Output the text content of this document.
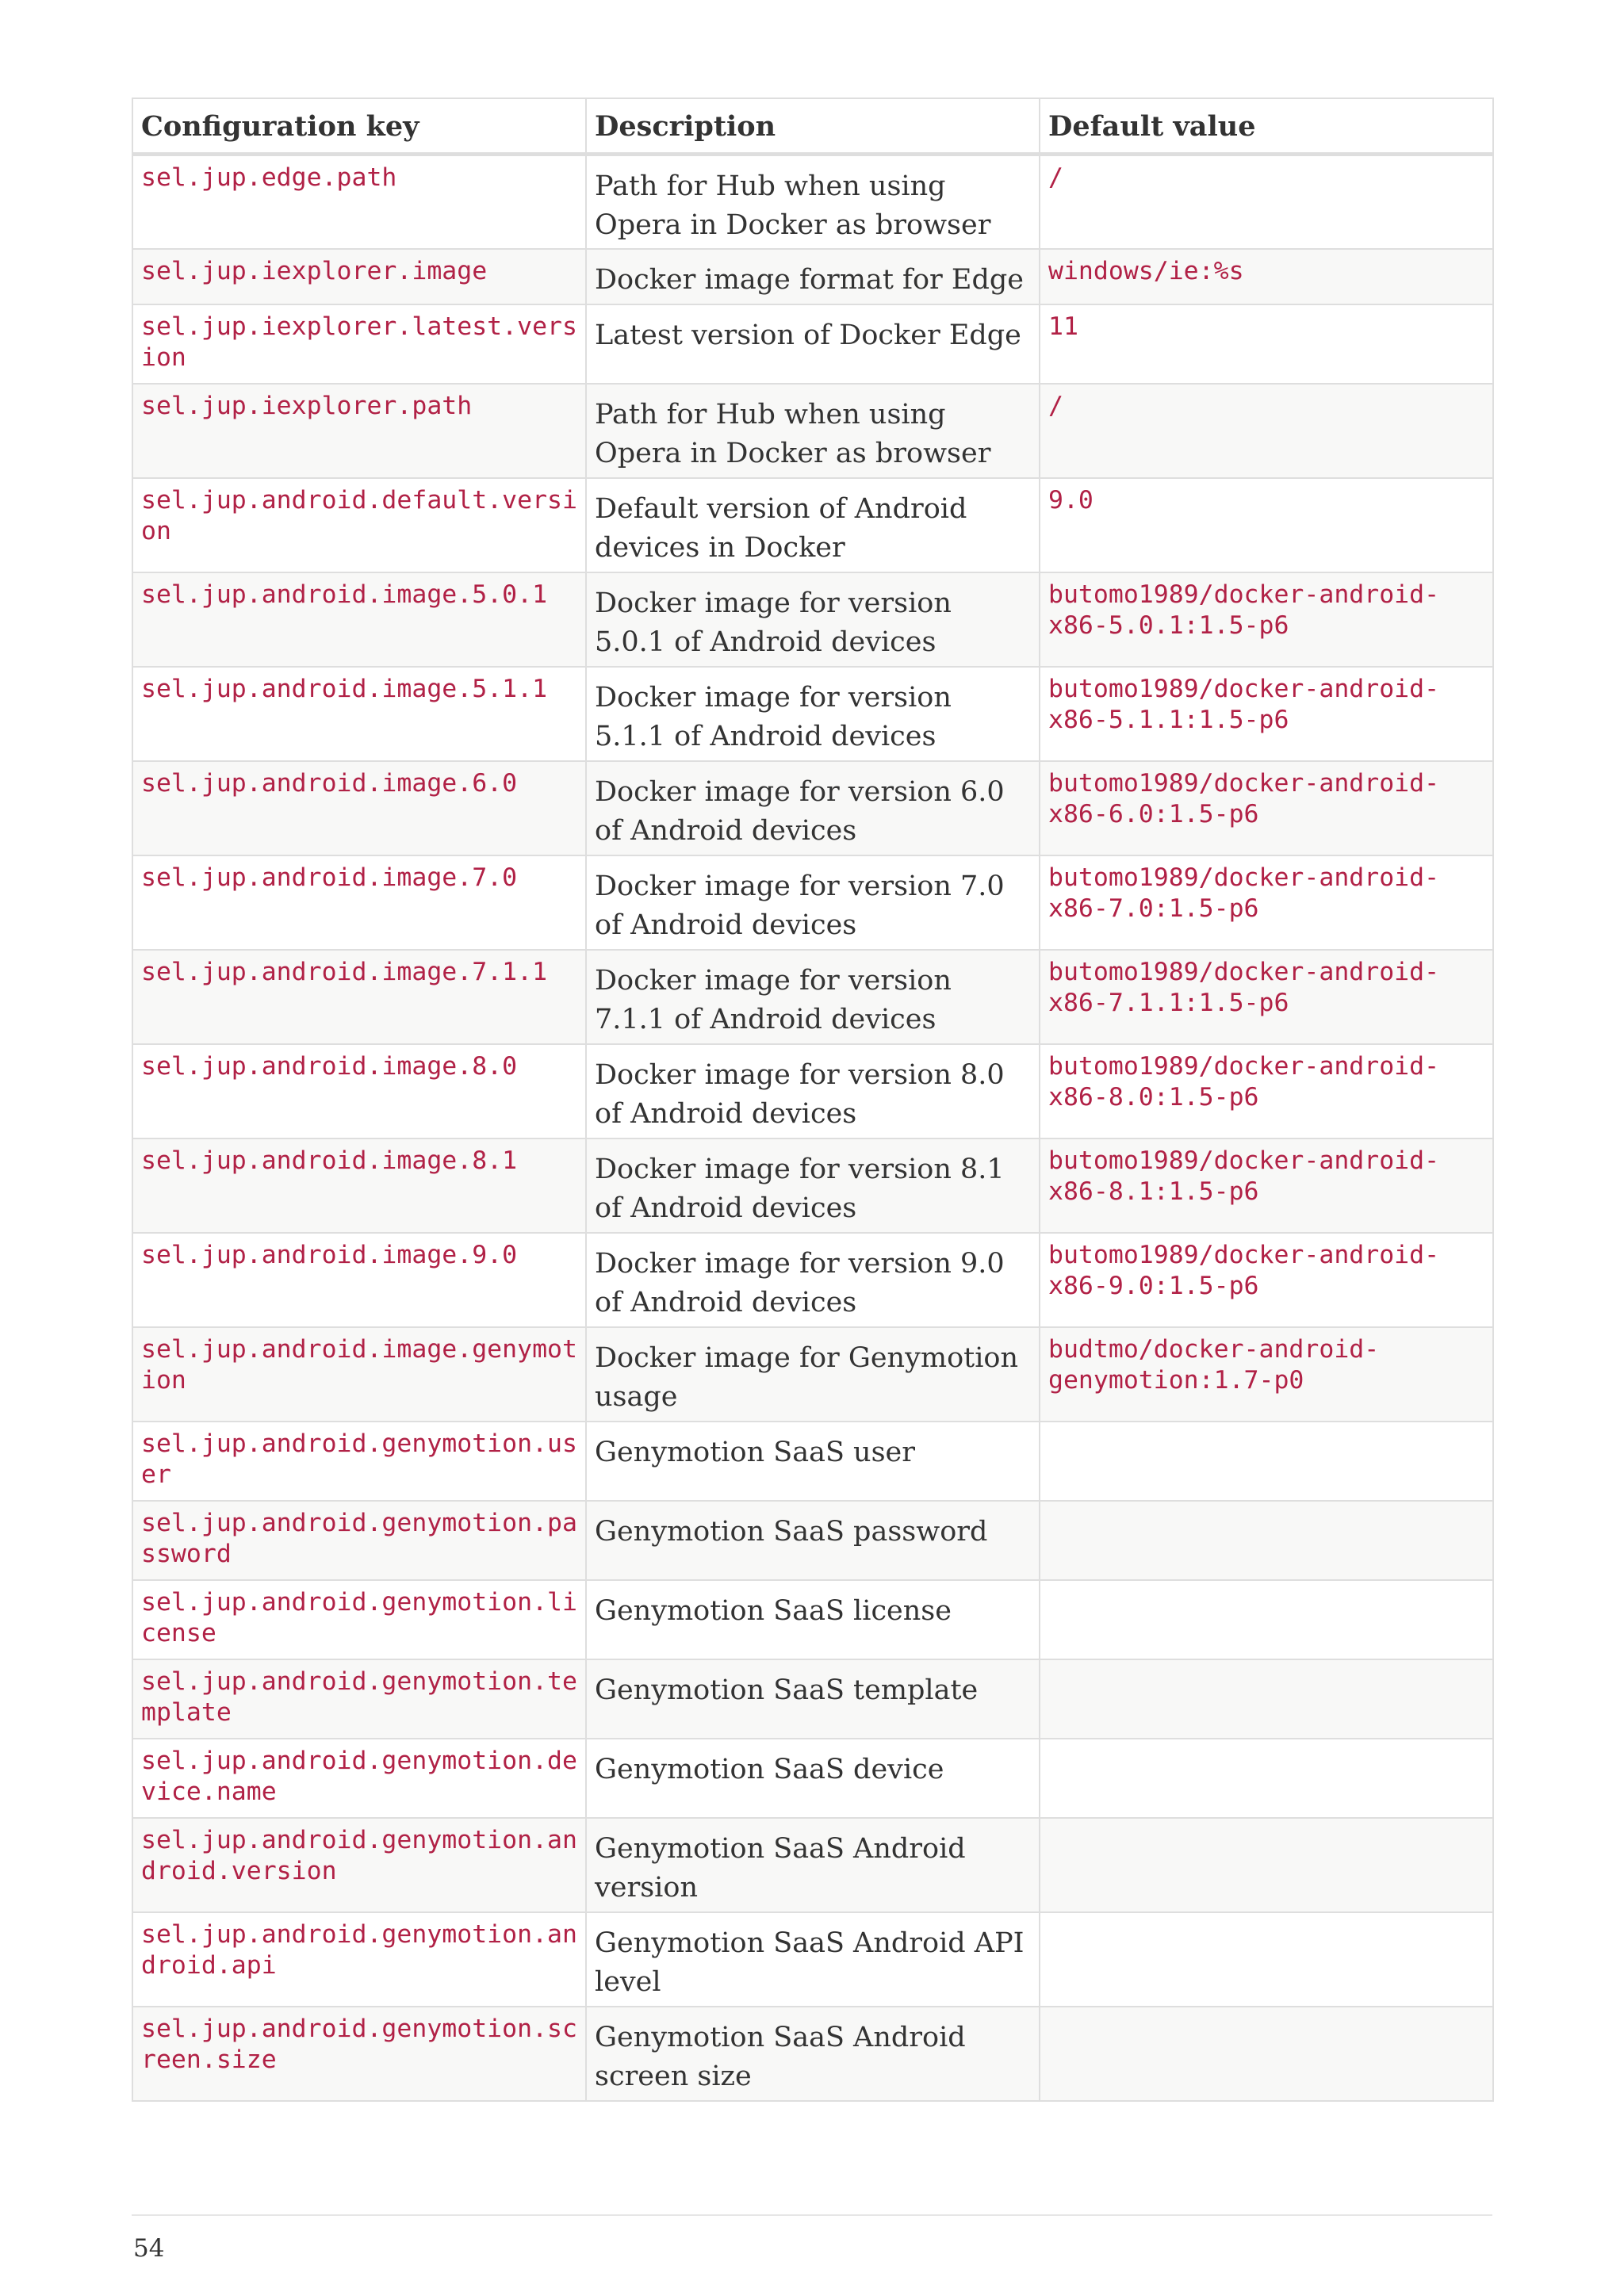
Configuration key	Description	Default value
sel.jup.edge.path	Path for Hub when using Opera in Docker as browser	/
sel.jup.iexplorer.image	Docker image format for Edge	windows/ie:%s
sel.jup.iexplorer.latest.version	Latest version of Docker Edge	11
sel.jup.iexplorer.path	Path for Hub when using Opera in Docker as browser	/
sel.jup.android.default.version	Default version of Android devices in Docker	9.0
sel.jup.android.image.5.0.1	Docker image for version 5.0.1 of Android devices	butomo1989/docker-android-x86-5.0.1:1.5-p6
sel.jup.android.image.5.1.1	Docker image for version 5.1.1 of Android devices	butomo1989/docker-android-x86-5.1.1:1.5-p6
sel.jup.android.image.6.0	Docker image for version 6.0 of Android devices	butomo1989/docker-android-x86-6.0:1.5-p6
sel.jup.android.image.7.0	Docker image for version 7.0 of Android devices	butomo1989/docker-android-x86-7.0:1.5-p6
sel.jup.android.image.7.1.1	Docker image for version 7.1.1 of Android devices	butomo1989/docker-android-x86-7.1.1:1.5-p6
sel.jup.android.image.8.0	Docker image for version 8.0 of Android devices	butomo1989/docker-android-x86-8.0:1.5-p6
sel.jup.android.image.8.1	Docker image for version 8.1 of Android devices	butomo1989/docker-android-x86-8.1:1.5-p6
sel.jup.android.image.9.0	Docker image for version 9.0 of Android devices	butomo1989/docker-android-x86-9.0:1.5-p6
sel.jup.android.image.genymotion	Docker image for Genymotion usage	budtmo/docker-android-genymotion:1.7-p0
sel.jup.android.genymotion.user	Genymotion SaaS user	
sel.jup.android.genymotion.password	Genymotion SaaS password	
sel.jup.android.genymotion.license	Genymotion SaaS license	
sel.jup.android.genymotion.template	Genymotion SaaS template	
sel.jup.android.genymotion.device.name	Genymotion SaaS device	
sel.jup.android.genymotion.android.version	Genymotion SaaS Android version	
sel.jup.android.genymotion.android.api	Genymotion SaaS Android API level	
sel.jup.android.genymotion.screen.size	Genymotion SaaS Android screen size	
54
